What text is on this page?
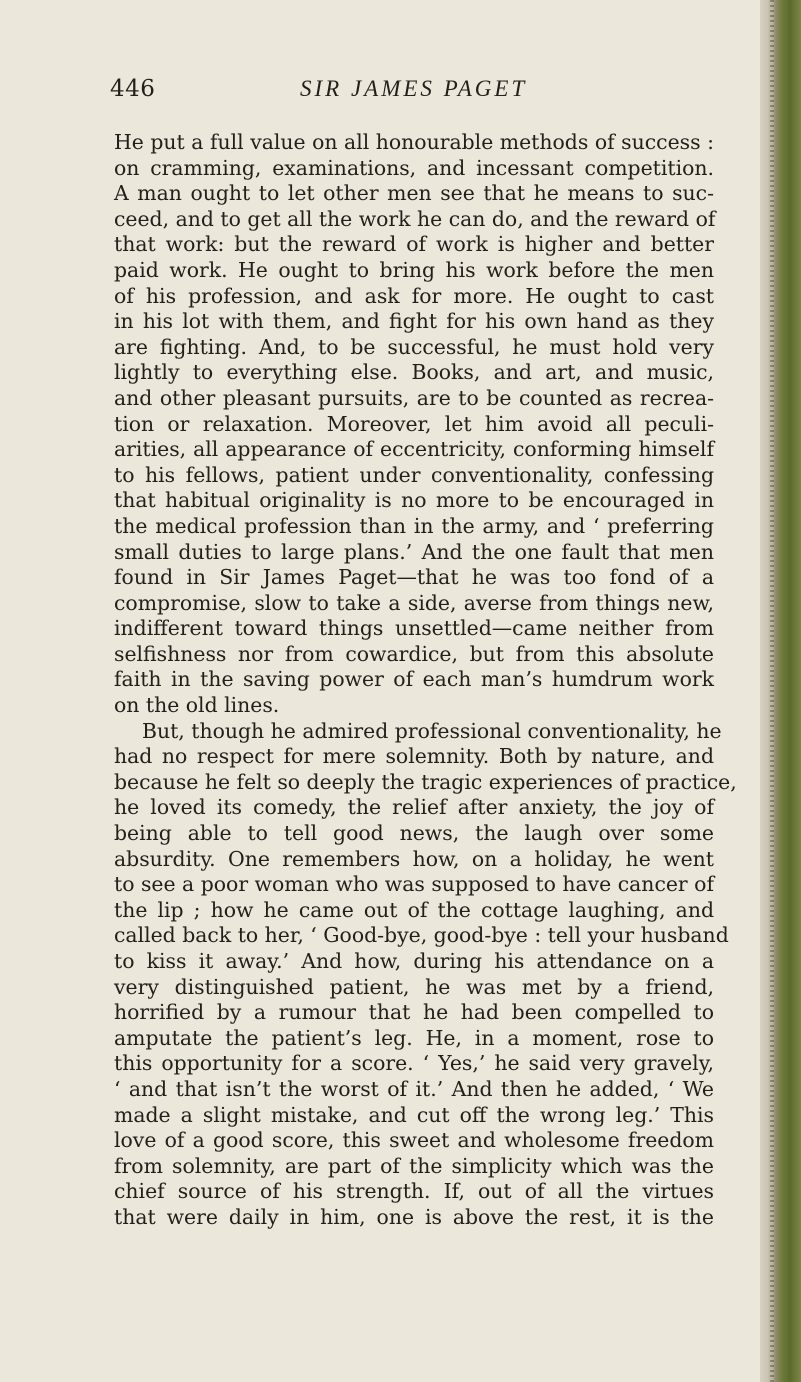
446	SIR JAMES PAGET
He put a full value on all honourable methods of success :
on cramming, examinations, and incessant competition.
A man ought to let other men see that he means to suc-
ceed, and to get all the work he can do, and the reward of
that work: but the reward of work is higher and better
paid work. He ought to bring his work before the men
of his profession, and ask for more. He ought to cast
in his lot with them, and fight for his own hand as they
are fighting. And, to be successful, he must hold very
lightly to everything else. Books, and art, and music,
and other pleasant pursuits, are to be counted as recrea-
tion or relaxation. Moreover, let him avoid all peculi-
arities, all appearance of eccentricity, conforming himself
to his fellows, patient under conventionality, confessing
that habitual originality is no more to be encouraged in
the medical profession than in the army, and ‘ preferring
small duties to large plans.’ And the one fault that men
found in Sir James Paget—that he was too fond of a
compromise, slow to take a side, averse from things new,
indifferent toward things unsettled—came neither from
selfishness nor from cowardice, but from this absolute
faith in the saving power of each man’s humdrum work
on the old lines.
But, though he admired professional conventionality, he
had no respect for mere solemnity. Both by nature, and
because he felt so deeply the tragic experiences of practice,
he loved its comedy, the relief after anxiety, the joy of
being able to tell good news, the laugh over some
absurdity. One remembers how, on a holiday, he went
to see a poor woman who was supposed to have cancer of
the lip ; how he came out of the cottage laughing, and
called back to her, ‘ Good-bye, good-bye : tell your husband
to kiss it away.’ And how, during his attendance on a
very distinguished patient, he was met by a friend,
horrified by a rumour that he had been compelled to
amputate the patient’s leg. He, in a moment, rose to
this opportunity for a score. ‘ Yes,’ he said very gravely,
‘ and that isn’t the worst of it.’ And then he added, ‘ We
made a slight mistake, and cut off the wrong leg.’ This
love of a good score, this sweet and wholesome freedom
from solemnity, are part of the simplicity which was the
chief source of his strength. If, out of all the virtues
that were daily in him, one is above the rest, it is the
